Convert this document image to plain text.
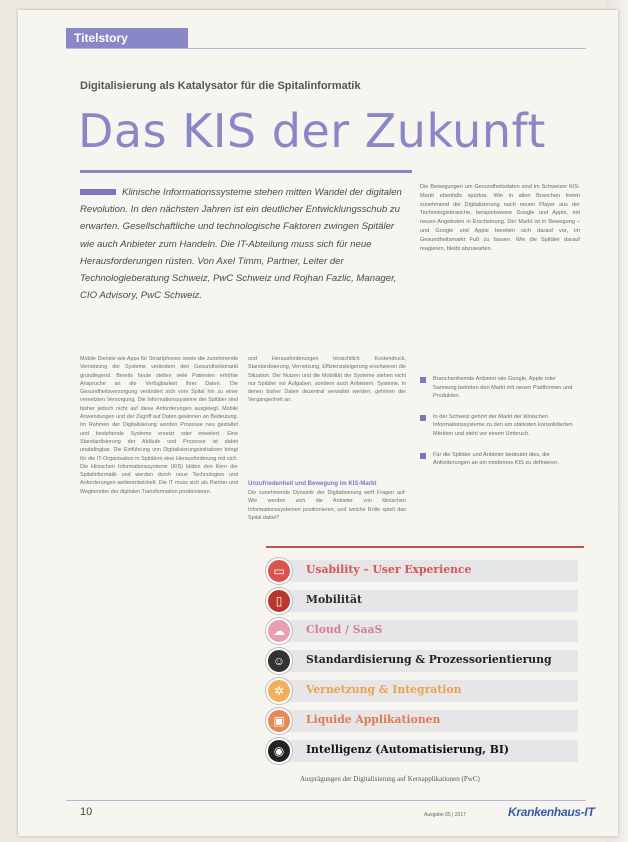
Titelstory
Digitalisierung als Katalysator für die Spitalinformatik
Das KIS der Zukunft
Klinische Informationssysteme stehen mitten Wandel der digitalen Revolution. In den nächsten Jahren ist ein deutlicher Entwicklungsschub zu erwarten. Gesellschaftliche und technologische Faktoren zwingen Spitäler wie auch Anbieter zum Handeln. Die IT-Abteilung muss sich für neue Herausforderungen rüsten. Von Axel Timm, Partner, Leiter der Technologieberatung Schweiz, PwC Schweiz und Rojhan Fazlic, Manager, CIO Advisory, PwC Schweiz.
Die Bewegungen um Gesundheitsdaten sind im Schweizer KIS-Markt ebenfalls spürbar. Wie in allen Branchen treten zunehmend die Digitalisierung nach neuen Player aus der Technologiebranche, beispielsweise Google und Apple, mit neuen Angeboten in Erscheinung. Der Markt ist in Bewegung – und Google und Apple bereiten sich darauf vor, im Gesundheitsmarkt Fuß zu fassen. Wie die Spitäler darauf reagieren, bleibt abzuwarten.
Mobile Dienste wie Apps für Smartphones sowie die zunehmende Vernetzung der Systeme verändern den Gesundheitsmarkt grundlegend. Bereits heute stellen viele Patienten erhöhte Ansprüche an die Verfügbarkeit ihrer Daten. Die Gesundheitsversorgung verändert sich vom Spital hin zu einer vernetzten Versorgung. Die Informationssysteme der Spitäler sind bisher jedoch nicht auf diese Anforderungen ausgelegt. Mobile Anwendungen und der Zugriff auf Daten gewinnen an Bedeutung. Im Rahmen der Digitalisierung werden Prozesse neu gestaltet und bestehende Systeme ersetzt oder erweitert. Eine Standardisierung der Abläufe und Prozesse ist dabei unabdingbar. Die Einführung von Digitalisierungsinitiativen bringt für die IT-Organisation in Spitälern eine Herausforderung mit sich. Die klinischen Informationssysteme (KIS) bilden den Kern der Spitalinformatik und werden durch neue Technologien und Anforderungen weiterentwickelt. Die IT muss sich als Partner und Wegbereiter der digitalen Transformation positionieren.
und Herausforderungen hinsichtlich Kostendruck, Standardisierung, Vernetzung, Effizienzsteigerung erschweren die Situation. Der Nutzen und die Mobilität der Systeme stehen nicht nur Spitäler vor Aufgaben, sondern auch Anbietern. Systeme, in denen bisher Daten dezentral verwaltet werden, gehören der Vergangenheit an.
Unzufriedenheit und Bewegung im KIS-Markt
Die zunehmende Dynamik der Digitalisierung wirft Fragen auf: Wie werden sich die Anbieter von klinischen Informationssystemen positionieren, und welche Rolle spielt das Spital dabei?
Branchenfremde Anbieter wie Google, Apple oder Samsung betreten den Markt mit neuen Plattformen und Produkten.
In der Schweiz gehört der Markt der klinischen Informationssysteme zu den am stärksten konsolidierten Märkten und steht vor einem Umbruch.
Für die Spitäler und Anbieter bedeutet dies, die Anforderungen an ein modernes KIS zu definieren.
▭ Usability – User Experience
▯ Mobilität
☁ Cloud / SaaS
☺ Standardisierung & Prozessorientierung
✲ Vernetzung & Integration
▣ Liquide Applikationen
◉ Intelligenz (Automatisierung, BI)
Ausprägungen der Digitalisierung auf Kernapplikationen (PwC)
10	Ausgabe 05 | 2017	Krankenhaus-IT
